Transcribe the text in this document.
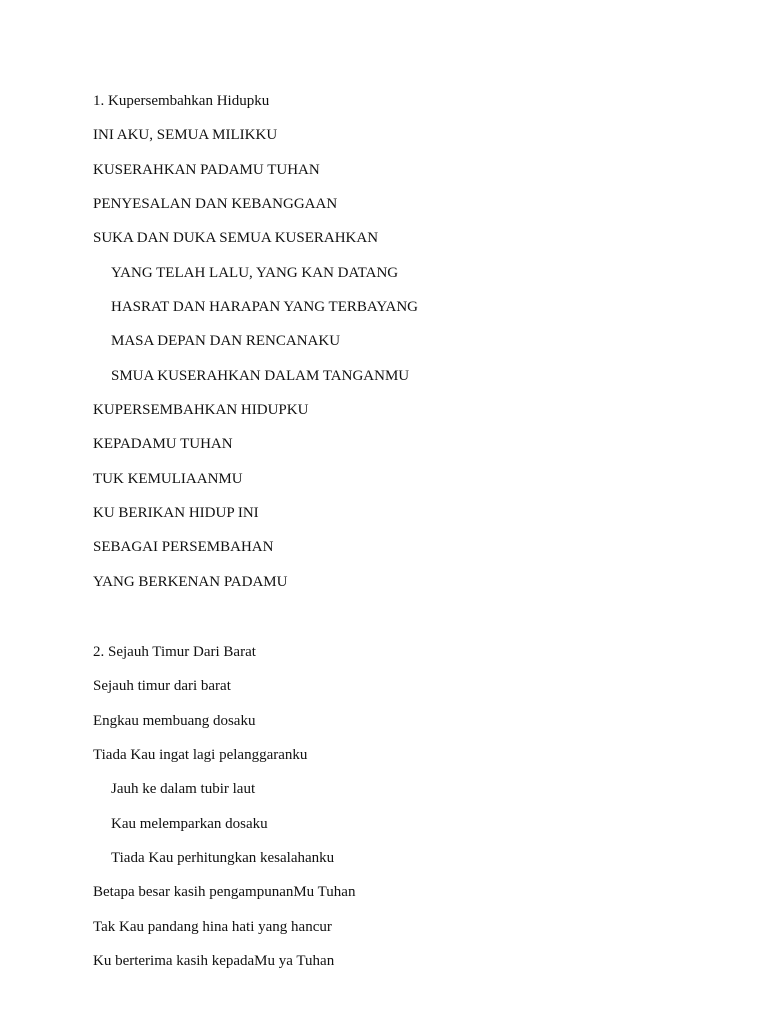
1. Kupersembahkan Hidupku
INI AKU, SEMUA MILIKKU
KUSERAHKAN PADAMU TUHAN
PENYESALAN DAN KEBANGGAAN
SUKA DAN DUKA SEMUA KUSERAHKAN
YANG TELAH LALU, YANG KAN DATANG
HASRAT DAN HARAPAN YANG TERBAYANG
MASA DEPAN DAN RENCANAKU
SMUA KUSERAHKAN DALAM TANGANMU
KUPERSEMBAHKAN HIDUPKU
KEPADAMU TUHAN
TUK KEMULIAANMU
KU BERIKAN HIDUP INI
SEBAGAI PERSEMBAHAN
YANG BERKENAN PADAMU
2. Sejauh Timur Dari Barat
Sejauh timur dari barat
Engkau membuang dosaku
Tiada Kau ingat lagi pelanggaranku
Jauh ke dalam tubir laut
Kau melemparkan dosaku
Tiada Kau perhitungkan kesalahanku
Betapa besar kasih pengampunanMu Tuhan
Tak Kau pandang hina hati yang hancur
Ku berterima kasih kepadaMu ya Tuhan
